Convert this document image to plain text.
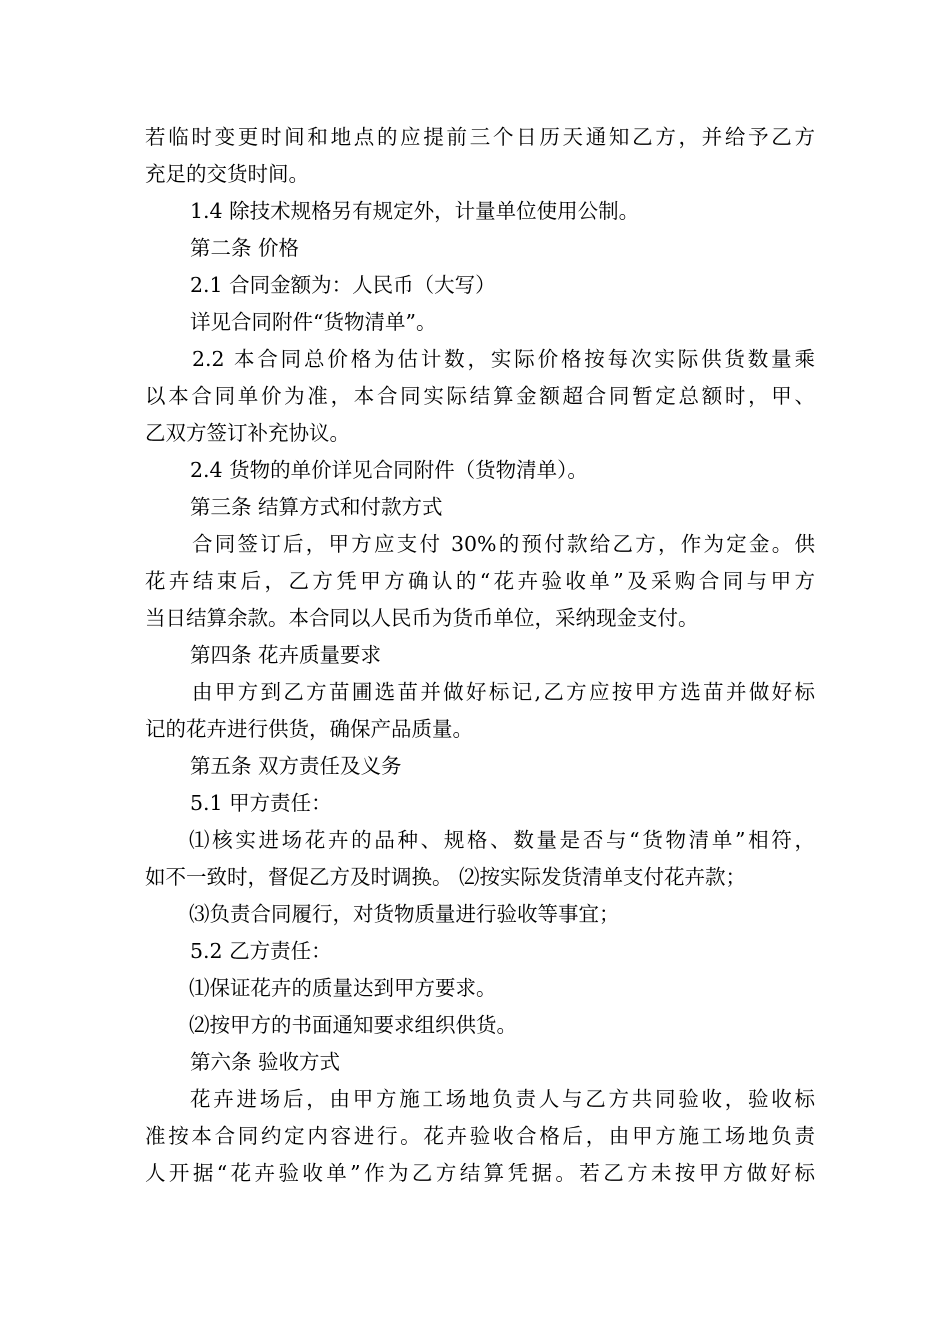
若临时变更时间和地点的应提前三个日历天通知乙方，并给予乙方

充足的交货时间。

1.4 除技术规格另有规定外，计量单位使用公制。

第二条 价格

2.1 合同金额为：人民币（大写）

详见合同附件“货物清单”。

2.2 本合同总价格为估计数，实际价格按每次实际供货数量乘

以本合同单价为准，本合同实际结算金额超合同暂定总额时，甲、

乙双方签订补充协议。

2.4 货物的单价详见合同附件（货物清单）。

第三条 结算方式和付款方式

合同签订后，甲方应支付 30%的预付款给乙方，作为定金。供

花卉结束后，乙方凭甲方确认的“花卉验收单”及采购合同与甲方

当日结算余款。本合同以人民币为货币单位，采纳现金支付。

第四条 花卉质量要求

由甲方到乙方苗圃选苗并做好标记,乙方应按甲方选苗并做好标

记的花卉进行供货，确保产品质量。

第五条 双方责任及义务

5.1 甲方责任：

⑴核实进场花卉的品种、规格、数量是否与“货物清单”相符，

如不一致时，督促乙方及时调换。 ⑵按实际发货清单支付花卉款；

⑶负责合同履行，对货物质量进行验收等事宜；

5.2 乙方责任：

⑴保证花卉的质量达到甲方要求。

⑵按甲方的书面通知要求组织供货。

第六条 验收方式

花卉进场后，由甲方施工场地负责人与乙方共同验收，验收标

准按本合同约定内容进行。花卉验收合格后，由甲方施工场地负责

人开据“花卉验收单”作为乙方结算凭据。若乙方未按甲方做好标
